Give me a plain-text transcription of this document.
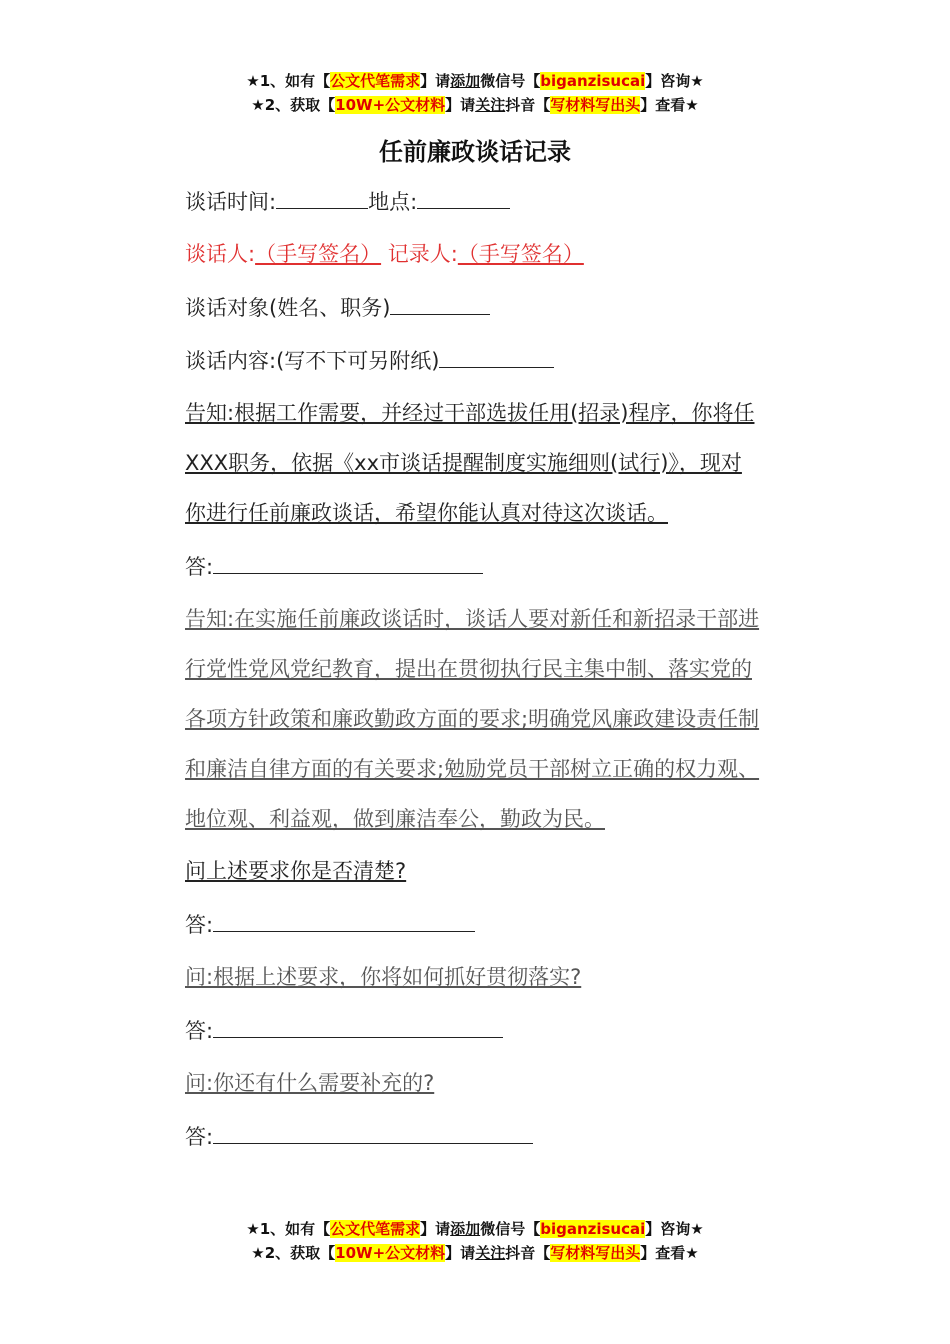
★1、如有【公文代笔需求】请添加微信号【biganzisucai】咨询★
★2、获取【10W+公文材料】请关注抖音【写材料写出头】查看★
任前廉政谈话记录
谈话时间:	地点:
谈话人:（手写签名） 记录人:（手写签名）
谈话对象(姓名、职务)
谈话内容:(写不下可另附纸)
告知:根据工作需要，并经过干部选拔任用(招录)程序，你将任
XXX职务，依据《xx市谈话提醒制度实施细则(试行)》，现对
你进行任前廉政谈话，希望你能认真对待这次谈话。
答:
告知:在实施任前廉政谈话时，谈话人要对新任和新招录干部进
行党性党风党纪教育，提出在贯彻执行民主集中制、落实党的
各项方针政策和廉政勤政方面的要求;明确党风廉政建设责任制
和廉洁自律方面的有关要求;勉励党员干部树立正确的权力观、
地位观、利益观，做到廉洁奉公，勤政为民。
问上述要求你是否清楚?
答:
问:根据上述要求，你将如何抓好贯彻落实?
答:
问:你还有什么需要补充的?
答:
★1、如有【公文代笔需求】请添加微信号【biganzisucai】咨询★
★2、获取【10W+公文材料】请关注抖音【写材料写出头】查看★
